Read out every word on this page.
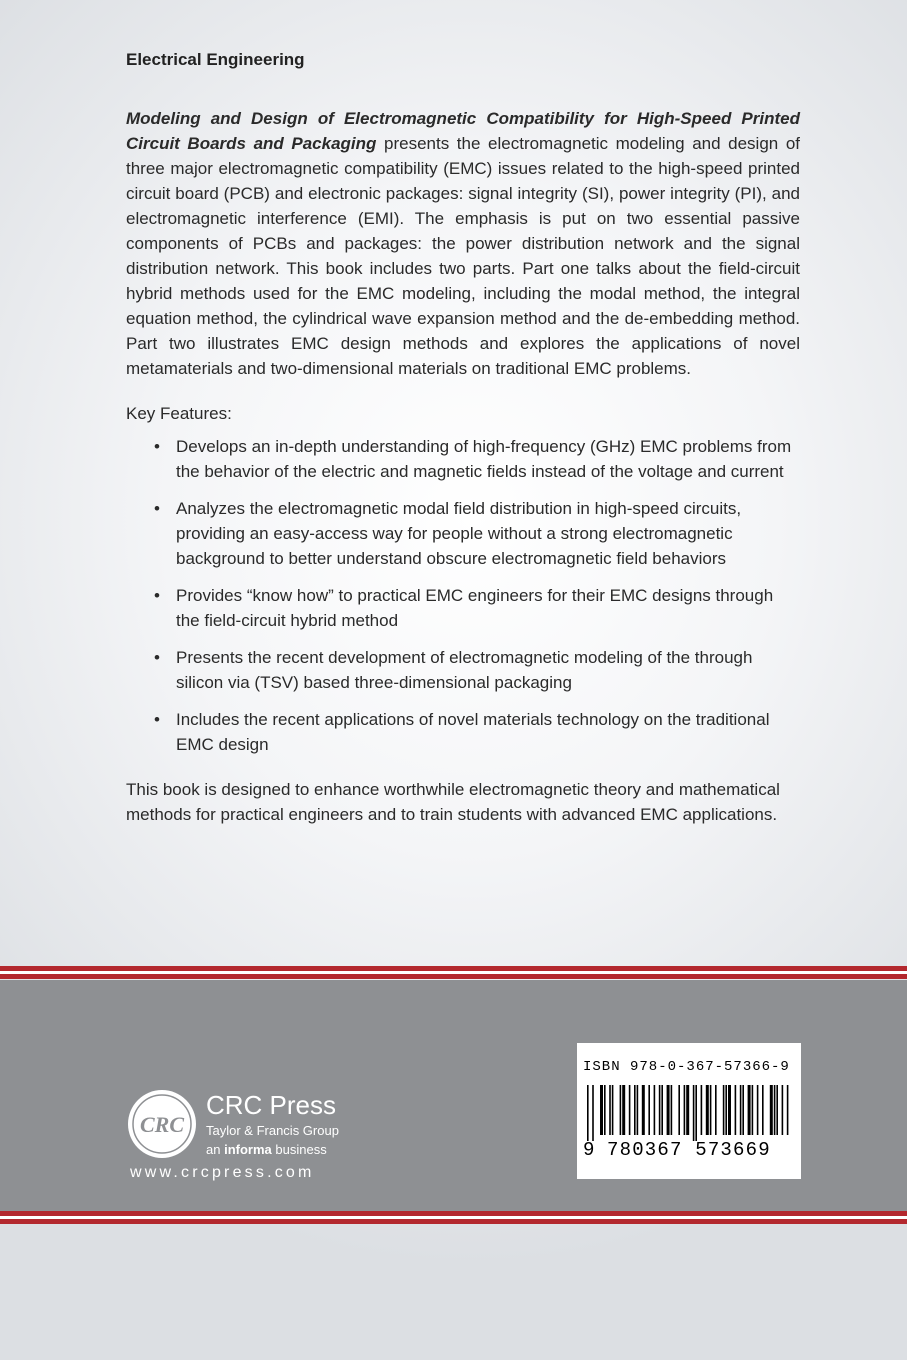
Electrical Engineering

Modeling and Design of Electromagnetic Compatibility for High-Speed Printed Circuit Boards and Packaging presents the electromagnetic modeling and design of three major electromagnetic compatibility (EMC) issues related to the high-speed printed circuit board (PCB) and electronic packages: signal integrity (SI), power integrity (PI), and electromagnetic interference (EMI). The emphasis is put on two essential passive components of PCBs and packages: the power distribution network and the signal distribution network. This book includes two parts. Part one talks about the field-circuit hybrid methods used for the EMC modeling, including the modal method, the integral equation method, the cylindrical wave expansion method and the de-embedding method. Part two illustrates EMC design methods and explores the applications of novel metamaterials and two-dimensional materials on traditional EMC problems.

Key Features:

• Develops an in-depth understanding of high-frequency (GHz) EMC problems from the behavior of the electric and magnetic fields instead of the voltage and current
• Analyzes the electromagnetic modal field distribution in high-speed circuits, providing an easy-access way for people without a strong electromagnetic background to better understand obscure electromagnetic field behaviors
• Provides “know how” to practical EMC engineers for their EMC designs through the field-circuit hybrid method
• Presents the recent development of electromagnetic modeling of the through silicon via (TSV) based three-dimensional packaging
• Includes the recent applications of novel materials technology on the traditional EMC design

This book is designed to enhance worthwhile electromagnetic theory and mathematical methods for practical engineers and to train students with advanced EMC applications.

CRC
CRC Press
Taylor & Francis Group
an informa business
www.crcpress.com
ISBN 978-0-367-57366-9
9 780367 573669
